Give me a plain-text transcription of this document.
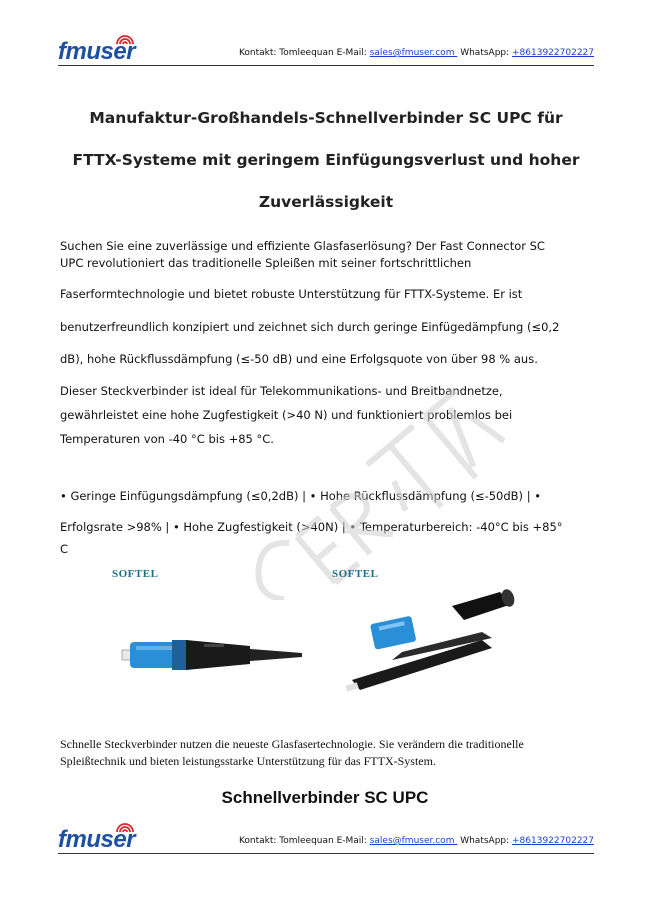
fmuser	Kontakt: Tomleequan E-Mail: sales@fmuser.com  WhatsApp: +8613922702227
Manufaktur-Großhandels-Schnellverbinder SC UPC für
FTTX-Systeme mit geringem Einfügungsverlust und hoher
Zuverlässigkeit
Suchen Sie eine zuverlässige und effiziente Glasfaserlösung? Der Fast Connector SC
UPC revolutioniert das traditionelle Spleißen mit seiner fortschrittlichen
Faserformtechnologie und bietet robuste Unterstützung für FTTX-Systeme. Er ist
benutzerfreundlich konzipiert und zeichnet sich durch geringe Einfügedämpfung (≤0,2
dB), hohe Rückflussdämpfung (≤-50 dB) und eine Erfolgsquote von über 98 % aus.
Dieser Steckverbinder ist ideal für Telekommunikations- und Breitbandnetze,
gewährleistet eine hohe Zugfestigkeit (>40 N) und funktioniert problemlos bei
Temperaturen von -40 °C bis +85 °C.
• Geringe Einfügungsdämpfung (≤0,2dB) | • Hohe Rückflussdämpfung (≤-50dB) | •
Erfolgsrate >98% | • Hohe Zugfestigkeit (>40N) | • Temperaturbereich: -40°C bis +85°
C
SOFTEL	SOFTEL
Schnelle Steckverbinder nutzen die neueste Glasfasertechnologie. Sie verändern die traditionelle
Spleißtechnik und bieten leistungsstarke Unterstützung für das FTTX-System.
Schnellverbinder SC UPC
fmuser	Kontakt: Tomleequan E-Mail: sales@fmuser.com  WhatsApp: +8613922702227
